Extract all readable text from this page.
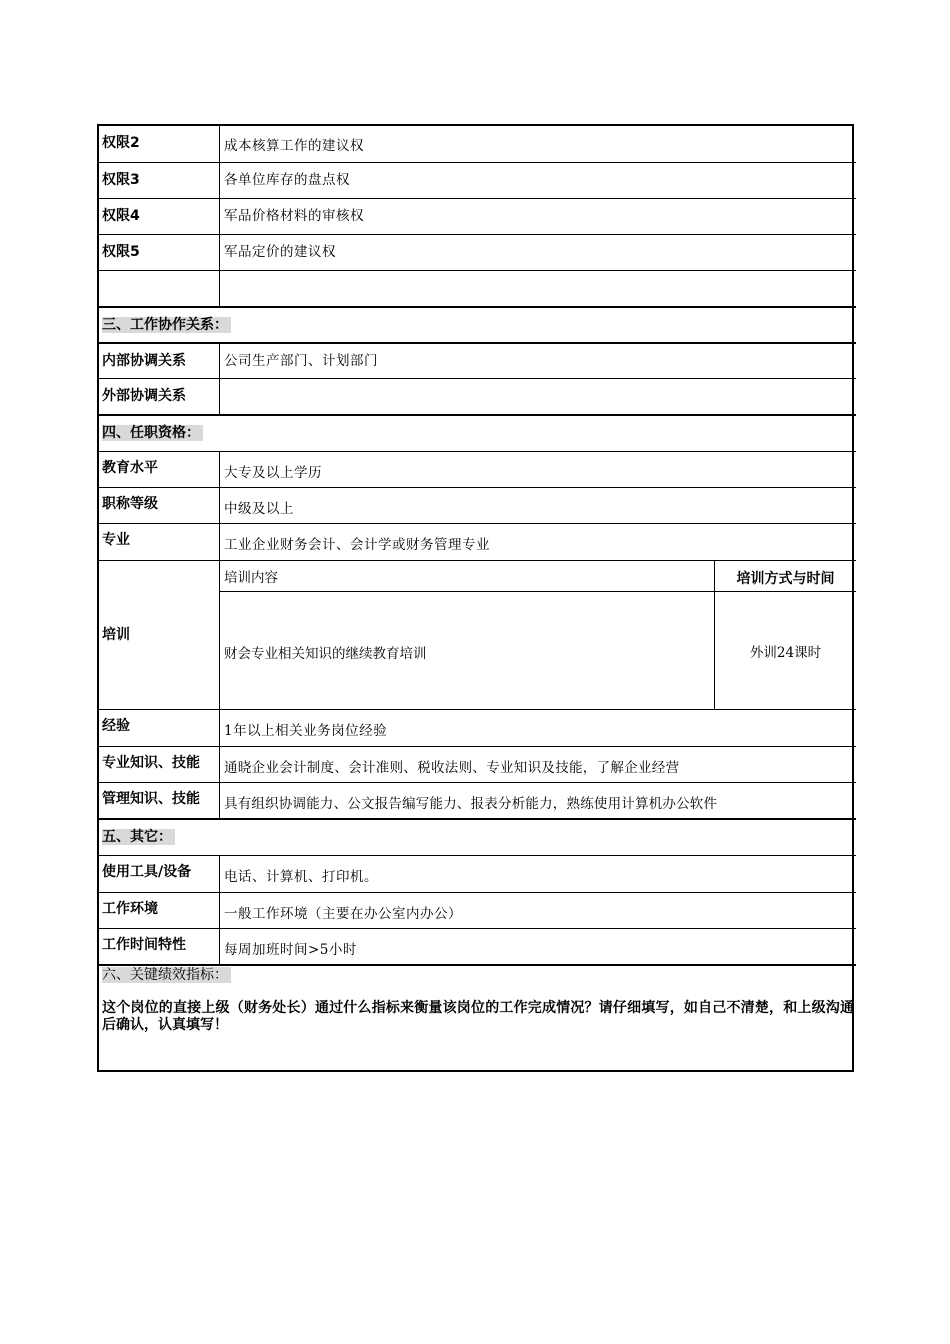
权限2	成本核算工作的建议权
权限3	各单位库存的盘点权
权限4	军品价格材料的审核权
权限5	军品定价的建议权
三、工作协作关系：
内部协调关系	公司生产部门、计划部门
外部协调关系
四、任职资格：
教育水平	大专及以上学历
职称等级	中级及以上
专业	工业企业财务会计、会计学或财务管理专业
培训
培训内容	培训方式与时间
财会专业相关知识的继续教育培训	外训24课时
经验	1年以上相关业务岗位经验
专业知识、技能	通晓企业会计制度、会计准则、税收法则、专业知识及技能，了解企业经营
管理知识、技能	具有组织协调能力、公文报告编写能力、报表分析能力，熟练使用计算机办公软件
五、其它：
使用工具/设备	电话、计算机、打印机。
工作环境	一般工作环境（主要在办公室内办公）
工作时间特性	每周加班时间>5小时
六、关键绩效指标：
这个岗位的直接上级（财务处长）通过什么指标来衡量该岗位的工作完成情况？请仔细填写，如自己不清楚，和上级沟通后确认，认真填写！
